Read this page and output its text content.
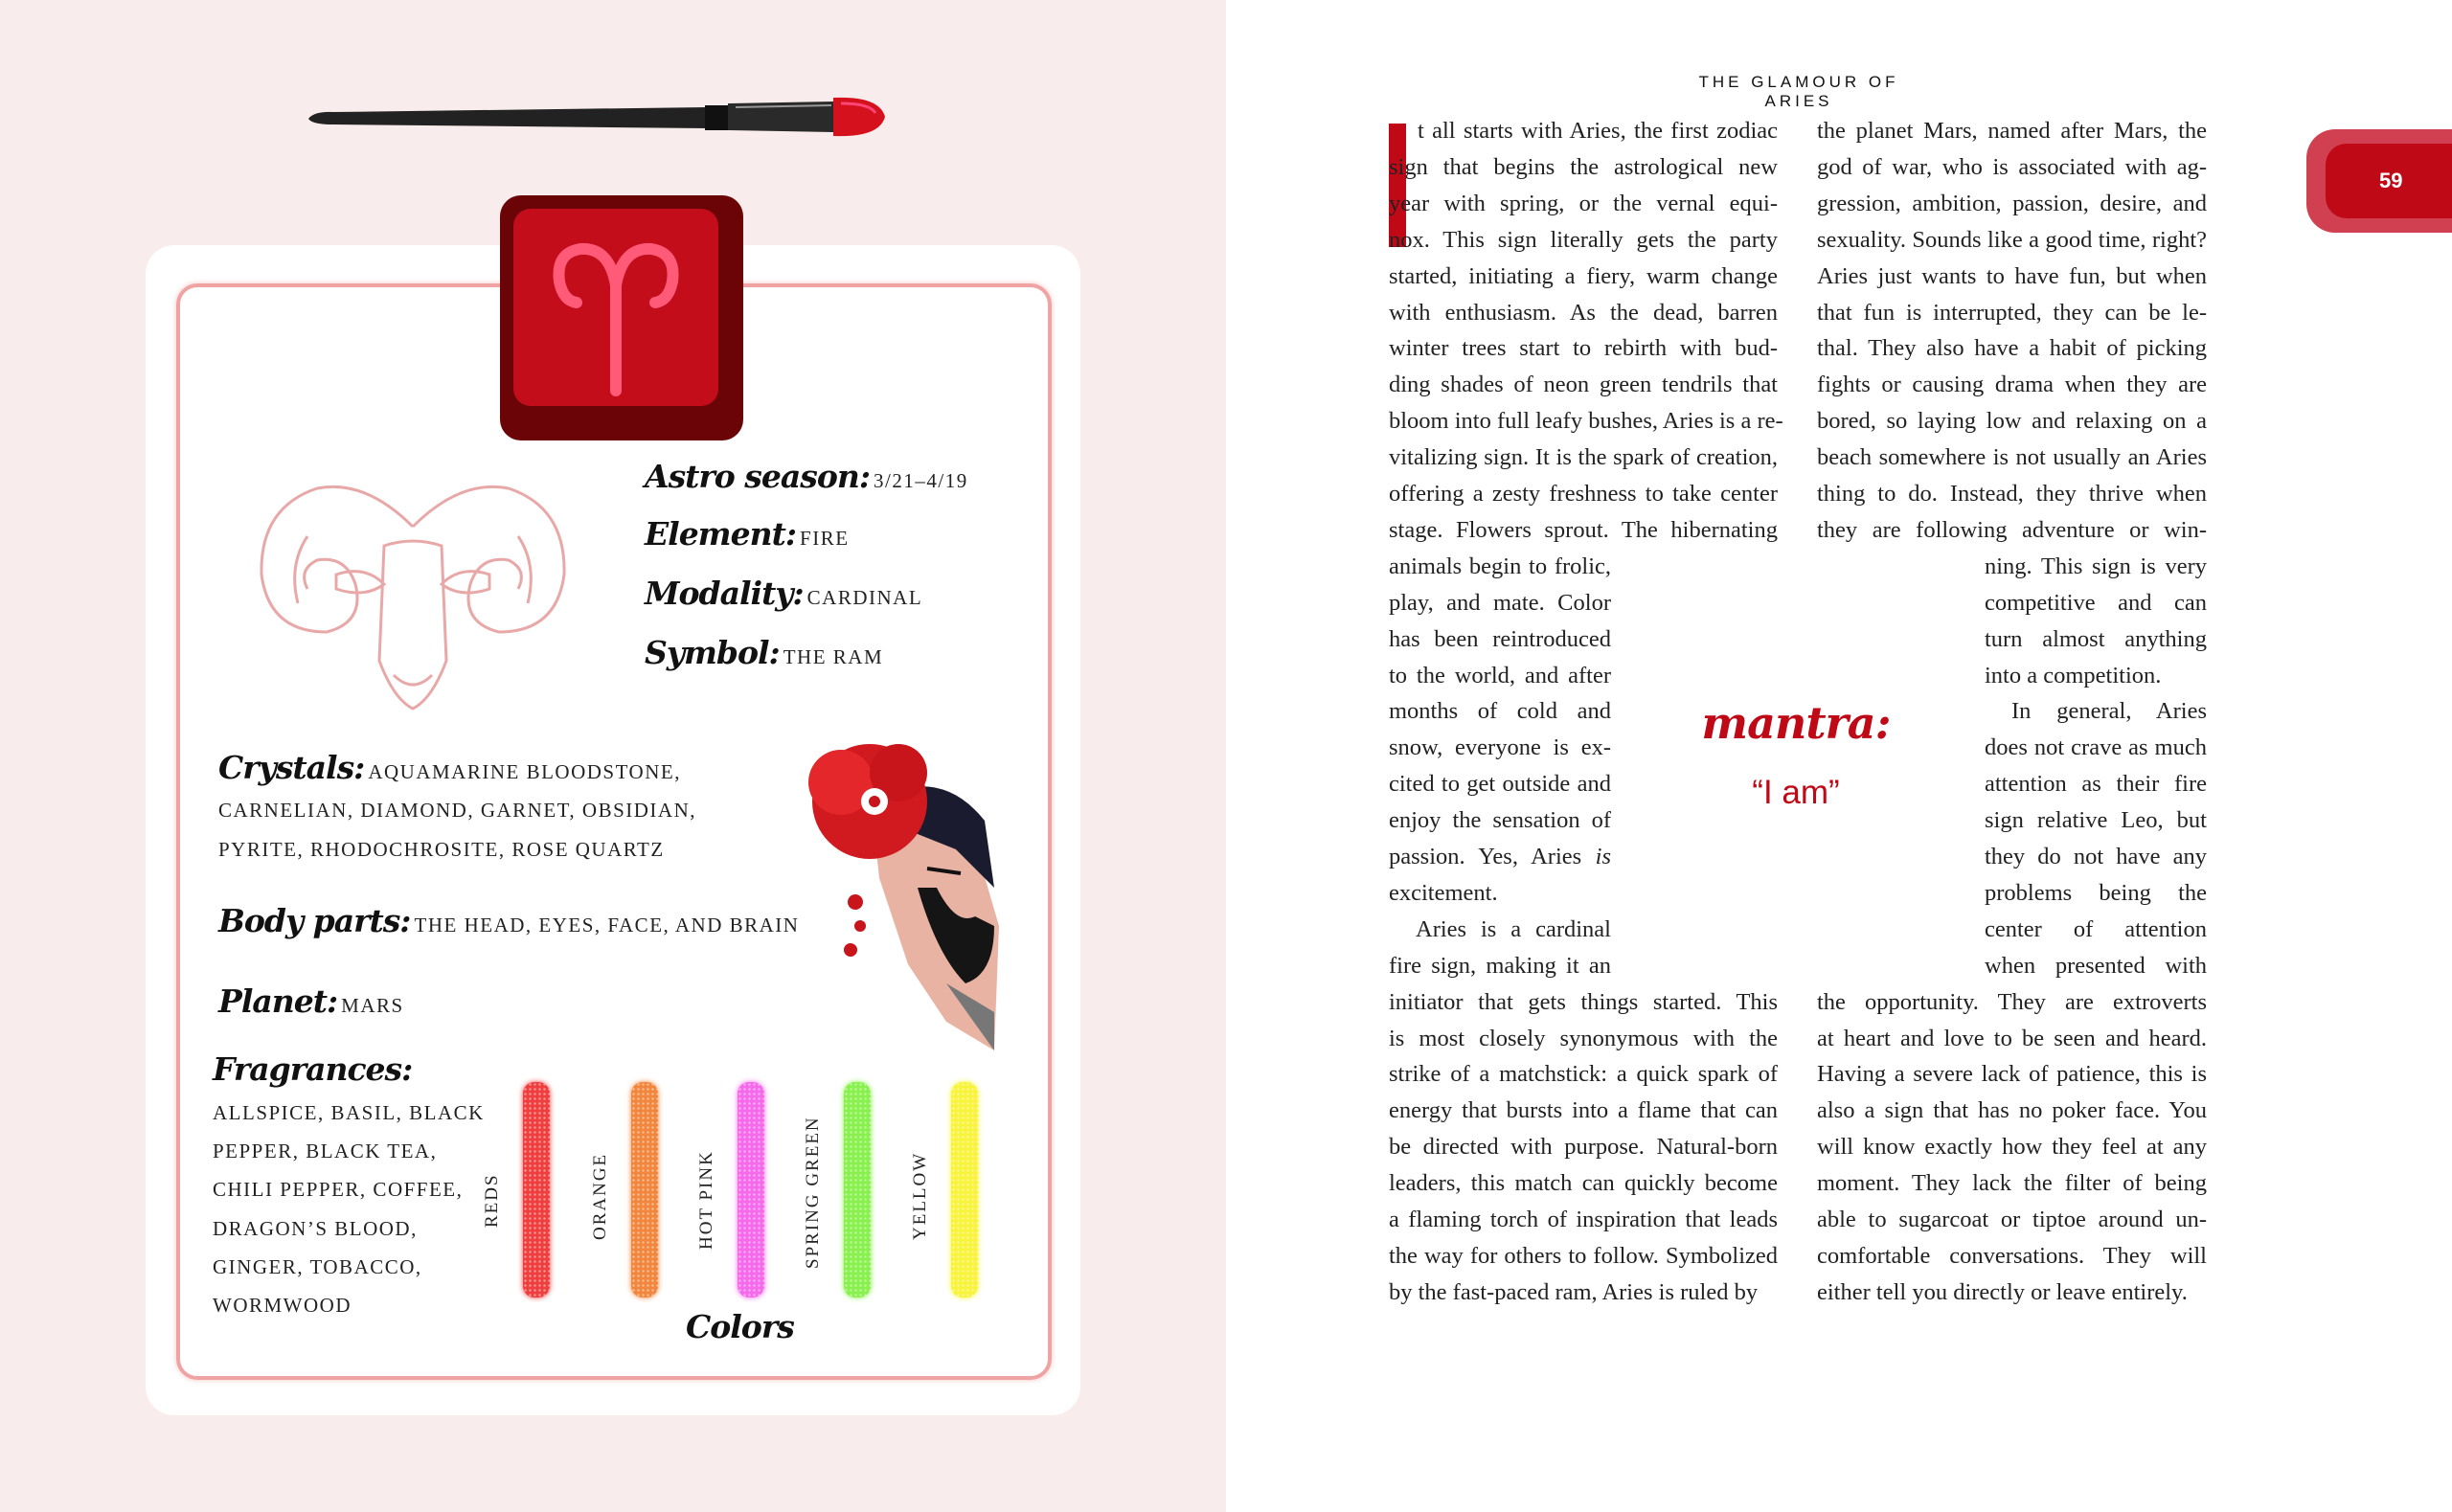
Astro season: 3/21–4/19
Element: FIRE
Modality: CARDINAL
Symbol: THE RAM
Crystals: AQUAMARINE BLOODSTONE,
CARNELIAN, DIAMOND, GARNET, OBSIDIAN,
PYRITE, RHODOCHROSITE, ROSE QUARTZ
Body parts: THE HEAD, EYES, FACE, AND BRAIN
Planet: MARS
Fragrances:
ALLSPICE, BASIL, BLACK
PEPPER, BLACK TEA,
CHILI PEPPER, COFFEE,
DRAGON’S BLOOD,
GINGER, TOBACCO,
WORMWOOD
REDS	ORANGE	HOT PINK	SPRING GREEN	YELLOW
Colors
THE GLAMOUR OF ARIES
t all starts with Aries, the first zodiac
sign that begins the astrological new
year with spring, or the vernal equi-
nox. This sign literally gets the party
started, initiating a fiery, warm change
with enthusiasm. As the dead, barren
winter trees start to rebirth with bud-
ding shades of neon green tendrils that
bloom into full leafy bushes, Aries is a re-
vitalizing sign. It is the spark of creation,
offering a zesty freshness to take center
stage. Flowers sprout. The hibernating
animals begin to frolic,
play, and mate. Color
has been reintroduced
to the world, and after
months of cold and
snow, everyone is ex-
cited to get outside and
enjoy the sensation of
passion. Yes, Aries is
excitement.
Aries is a cardinal
fire sign, making it an
initiator that gets things started. This
is most closely synonymous with the
strike of a matchstick: a quick spark of
energy that bursts into a flame that can
be directed with purpose. Natural-born
leaders, this match can quickly become
a flaming torch of inspiration that leads
the way for others to follow. Symbolized
by the fast-paced ram, Aries is ruled by
the planet Mars, named after Mars, the
god of war, who is associated with ag-
gression, ambition, passion, desire, and
sexuality. Sounds like a good time, right?
Aries just wants to have fun, but when
that fun is interrupted, they can be le-
thal. They also have a habit of picking
fights or causing drama when they are
bored, so laying low and relaxing on a
beach somewhere is not usually an Aries
thing to do. Instead, they thrive when
they are following adventure or win-
ning. This sign is very
competitive and can
turn almost anything
into a competition.
In general, Aries
does not crave as much
attention as their fire
sign relative Leo, but
they do not have any
problems being the
center of attention
when presented with
the opportunity. They are extroverts
at heart and love to be seen and heard.
Having a severe lack of patience, this is
also a sign that has no poker face. You
will know exactly how they feel at any
moment. They lack the filter of being
able to sugarcoat or tiptoe around un-
comfortable conversations. They will
either tell you directly or leave entirely.
mantra:
“I am”
59
